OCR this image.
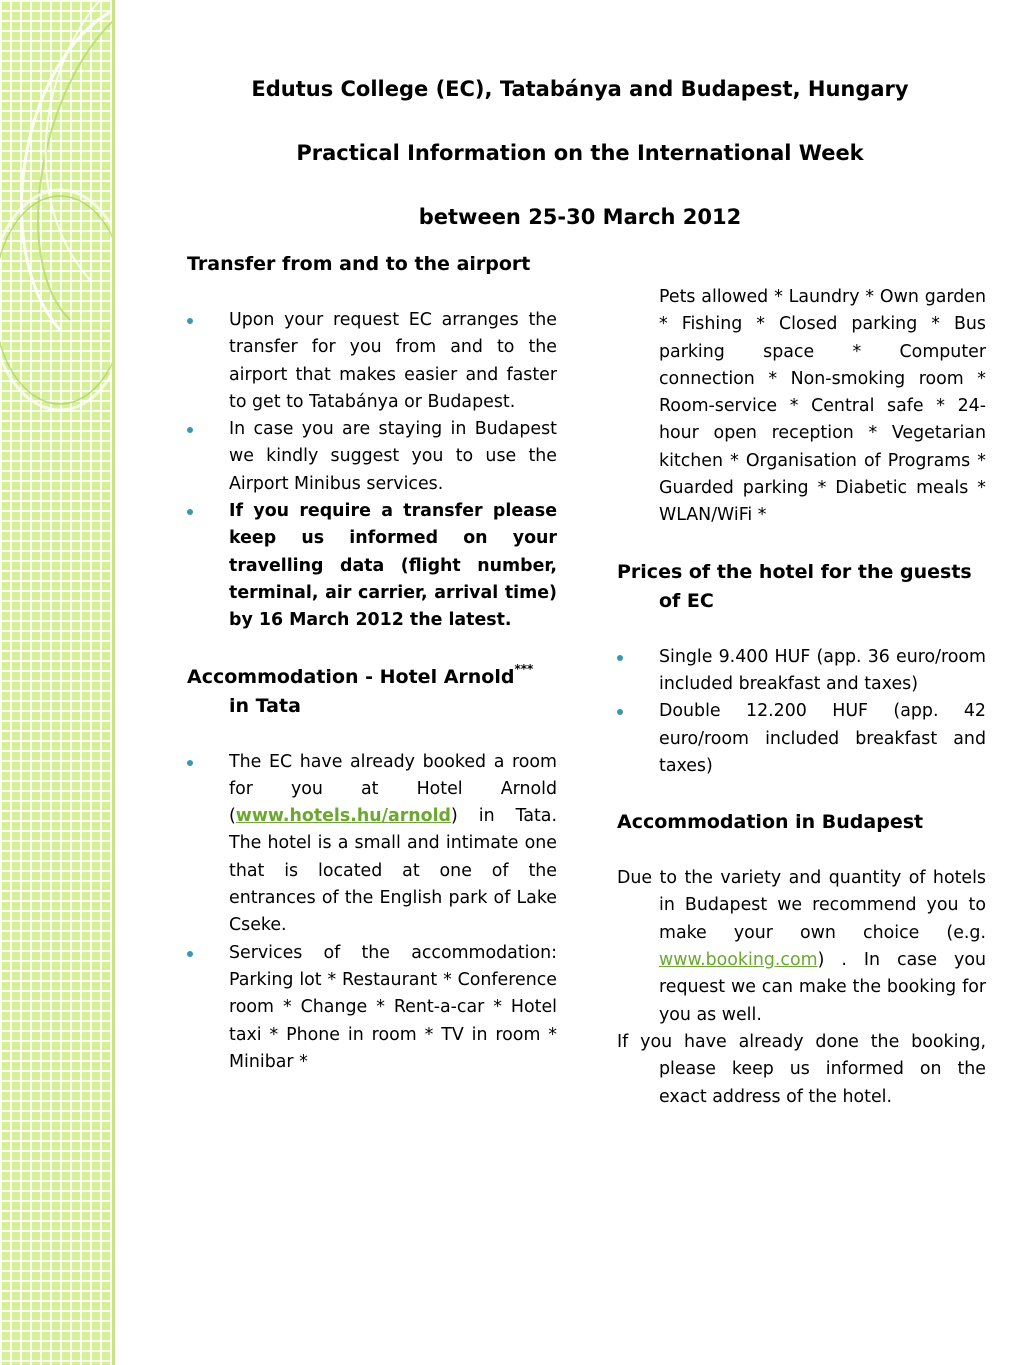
Edutus College (EC), Tatabánya and Budapest, Hungary
Practical Information on the International Week
between 25-30 March 2012

Transfer from and to the airport

Upon your request EC arranges the transfer for you from and to the airport that makes easier and faster to get to Tatabánya or Budapest.
In case you are staying in Budapest we kindly suggest you to use the Airport Minibus services.
If you require a transfer please keep us informed on your travelling data (flight number, terminal, air carrier, arrival time) by 16 March 2012 the latest.

Accommodation - Hotel Arnold*** in Tata

The EC have already booked a room for you at Hotel Arnold (www.hotels.hu/arnold) in Tata. The hotel is a small and intimate one that is located at one of the entrances of the English park of Lake Cseke.
Services of the accommodation: Parking lot * Restaurant * Conference room * Change * Rent-a-car * Hotel taxi * Phone in room * TV in room * Minibar *

Pets allowed * Laundry * Own garden * Fishing * Closed parking * Bus parking space * Computer connection * Non-smoking room * Room-service * Central safe * 24-hour open reception * Vegetarian kitchen * Organisation of Programs * Guarded parking * Diabetic meals * WLAN/WiFi *

Prices of the hotel for the guests of EC

Single 9.400 HUF (app. 36 euro/room included breakfast and taxes)
Double 12.200 HUF (app. 42 euro/room included breakfast and taxes)

Accommodation in Budapest

Due to the variety and quantity of hotels in Budapest we recommend you to make your own choice (e.g. www.booking.com) . In case you request we can make the booking for you as well.

If you have already done the booking, please keep us informed on the exact address of the hotel.
